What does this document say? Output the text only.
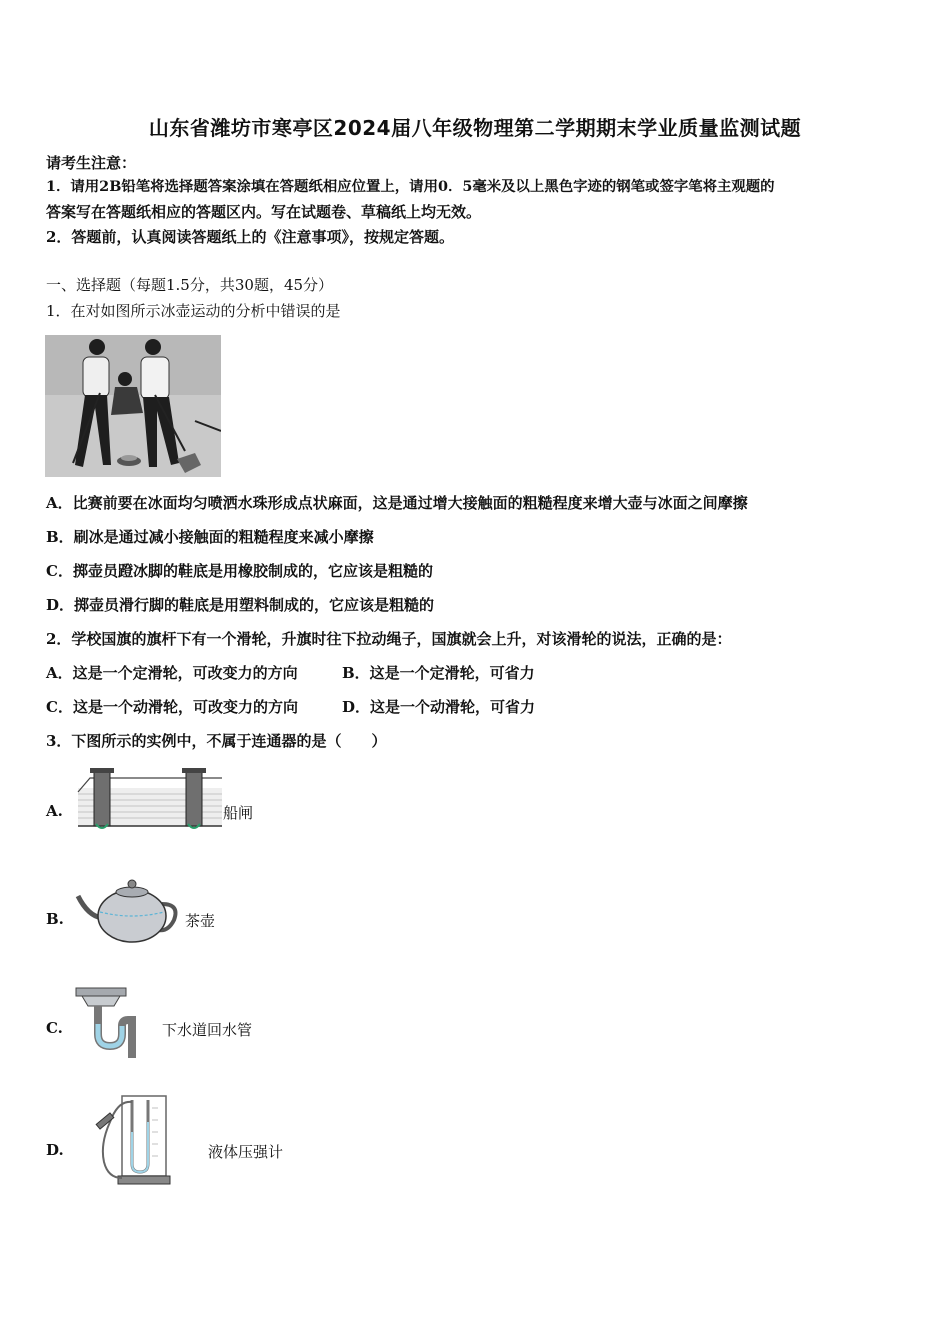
山东省潍坊市寒亭区2024届八年级物理第二学期期末学业质量监测试题
请考生注意：
1．请用2B铅笔将选择题答案涂填在答题纸相应位置上，请用0．5毫米及以上黑色字迹的钢笔或签字笔将主观题的
答案写在答题纸相应的答题区内。写在试题卷、草稿纸上均无效。
2．答题前，认真阅读答题纸上的《注意事项》，按规定答题。
一、选择题（每题1.5分，共30题，45分）
1．在对如图所示冰壶运动的分析中错误的是
A．比赛前要在冰面均匀喷洒水珠形成点状麻面，这是通过增大接触面的粗糙程度来增大壶与冰面之间摩擦
B．刷冰是通过减小接触面的粗糙程度来减小摩擦
C．掷壶员蹬冰脚的鞋底是用橡胶制成的，它应该是粗糙的
D．掷壶员滑行脚的鞋底是用塑料制成的，它应该是粗糙的
2．学校国旗的旗杆下有一个滑轮，升旗时往下拉动绳子，国旗就会上升，对该滑轮的说法，正确的是：
A．这是一个定滑轮，可改变力的方向	B．这是一个定滑轮，可省力
C．这是一个动滑轮，可改变力的方向	D．这是一个动滑轮，可省力
3．下图所示的实例中，不属于连通器的是（　　）
A.	船闸
B.	茶壶
C.	下水道回水管
D.	液体压强计
